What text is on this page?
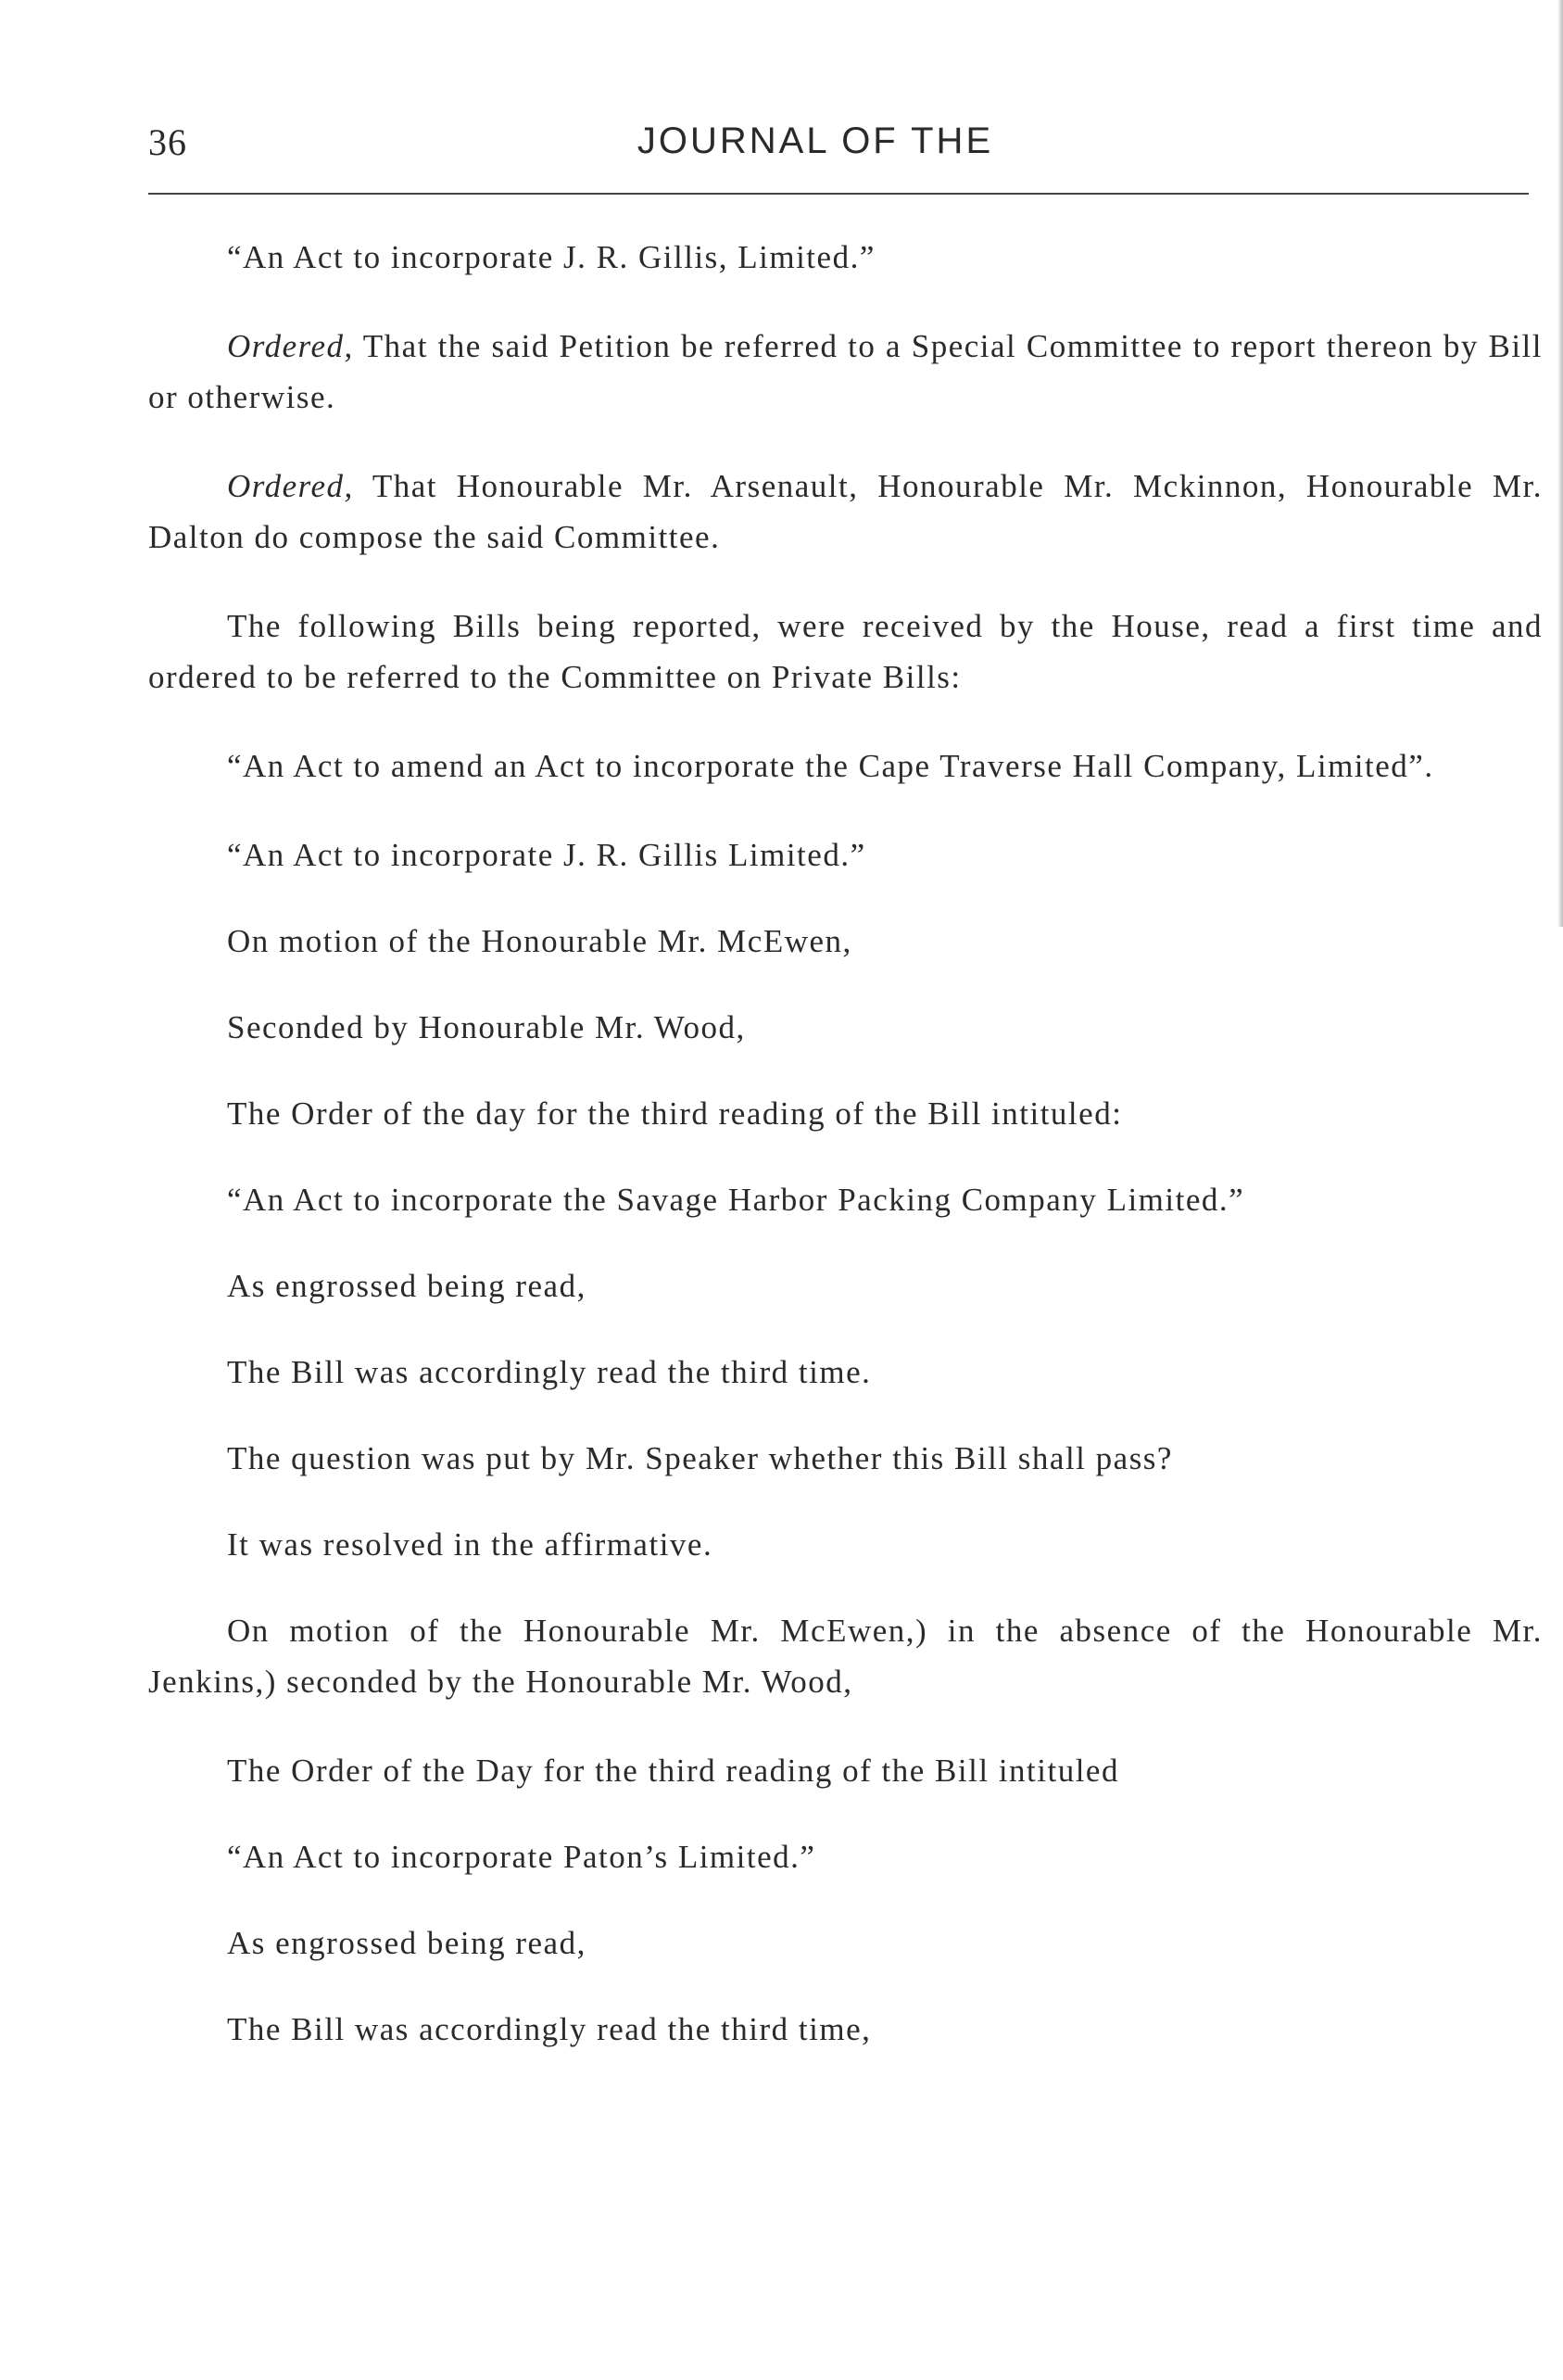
36	JOURNAL OF THE

“An Act to incorporate J. R. Gillis, Limited.”

Ordered, That the said Petition be referred to a Special Committee to report thereon by Bill or otherwise.

Ordered, That Honourable Mr. Arsenault, Honourable Mr. Mckinnon, Honourable Mr. Dalton do compose the said Committee.

The following Bills being reported, were received by the House, read a first time and ordered to be referred to the Committee on Private Bills:

“An Act to amend an Act to incorporate the Cape Traverse Hall Company, Limited”.

“An Act to incorporate J. R. Gillis Limited.”

On motion of the Honourable Mr. McEwen,

Seconded by Honourable Mr. Wood,

The Order of the day for the third reading of the Bill intituled:

“An Act to incorporate the Savage Harbor Packing Company Limited.”

As engrossed being read,

The Bill was accordingly read the third time.

The question was put by Mr. Speaker whether this Bill shall pass?

It was resolved in the affirmative.

On motion of the Honourable Mr. McEwen,) in the absence of the Honourable Mr. Jenkins,) seconded by the Honourable Mr. Wood,

The Order of the Day for the third reading of the Bill intituled

“An Act to incorporate Paton’s Limited.”

As engrossed being read,

The Bill was accordingly read the third time,
